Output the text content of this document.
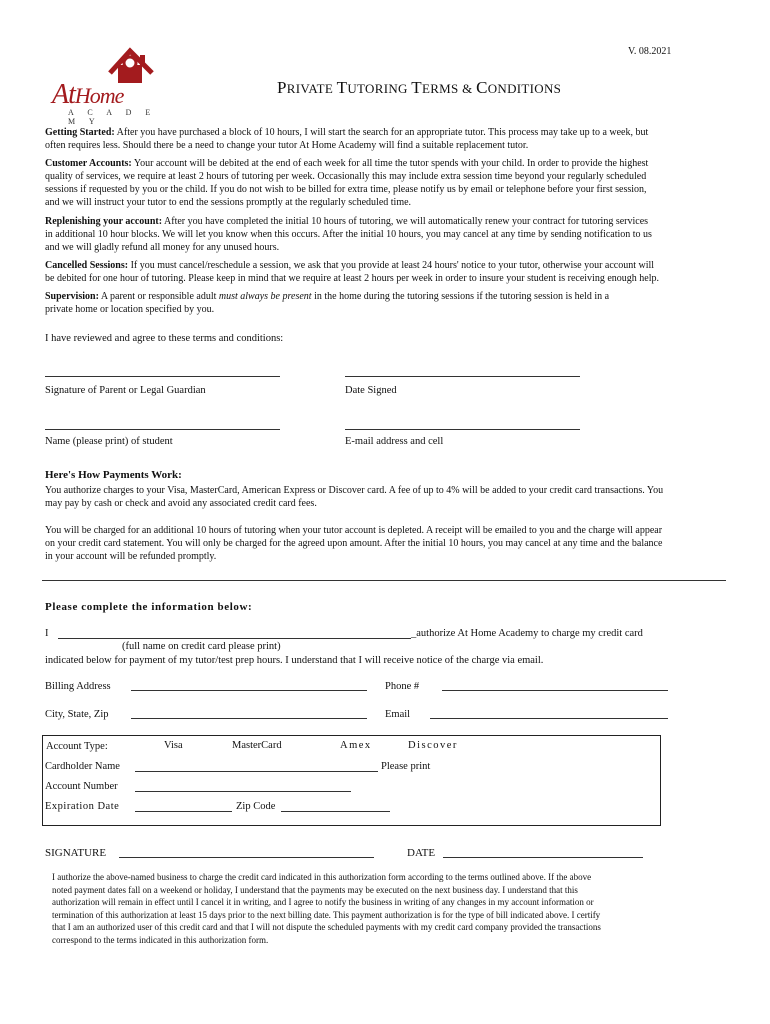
V. 08.2021
AtHome
A C A D E M Y
PRIVATE TUTORING TERMS & CONDITIONS
Getting Started: After you have purchased a block of 10 hours, I will start the search for an appropriate tutor. This process may take up to a week, but
often requires less. Should there be a need to change your tutor At Home Academy will find a suitable replacement tutor.
Customer Accounts: Your account will be debited at the end of each week for all time the tutor spends with your child. In order to provide the highest
quality of services, we require at least 2 hours of tutoring per week. Occasionally this may include extra session time beyond your regularly scheduled
sessions if requested by you or the child. If you do not wish to be billed for extra time, please notify us by email or telephone before your first session,
and we will instruct your tutor to end the sessions promptly at the regularly scheduled time.
Replenishing your account: After you have completed the initial 10 hours of tutoring, we will automatically renew your contract for tutoring services
in additional 10 hour blocks. We will let you know when this occurs. After the initial 10 hours, you may cancel at any time by sending notification to us
and we will gladly refund all money for any unused hours.
Cancelled Sessions: If you must cancel/reschedule a session, we ask that you provide at least 24 hours' notice to your tutor, otherwise your account will
be debited for one hour of tutoring. Please keep in mind that we require at least 2 hours per week in order to insure your student is receiving enough help.
Supervision: A parent or responsible adult must always be present in the home during the tutoring sessions if the tutoring session is held in a
private home or location specified by you.
I have reviewed and agree to these terms and conditions:
Signature of Parent or Legal Guardian	Date Signed
Name (please print) of student	E-mail address and cell
Here's How Payments Work:
You authorize charges to your Visa, MasterCard, American Express or Discover card. A fee of up to 4% will be added to your credit card transactions. You
may pay by cash or check and avoid any associated credit card fees.
You will be charged for an additional 10 hours of tutoring when your tutor account is depleted. A receipt will be emailed to you and the charge will appear
on your credit card statement. You will only be charged for the agreed upon amount. After the initial 10 hours, you may cancel at any time and the balance
in your account will be refunded promptly.
Please complete the information below:
I	_authorize At Home Academy to charge my credit card
(full name on credit card please print)
indicated below for payment of my tutor/test prep hours. I understand that I will receive notice of the charge via email.
Billing Address	Phone #
City, State, Zip	Email
Account Type:	Visa	MasterCard	Amex	Discover
Cardholder Name	Please print
Account Number
Expiration Date	Zip Code
SIGNATURE	DATE
I authorize the above-named business to charge the credit card indicated in this authorization form according to the terms outlined above. If the above
noted payment dates fall on a weekend or holiday, I understand that the payments may be executed on the next business day. I understand that this
authorization will remain in effect until I cancel it in writing, and I agree to notify the business in writing of any changes in my account information or
termination of this authorization at least 15 days prior to the next billing date. This payment authorization is for the type of bill indicated above. I certify
that I am an authorized user of this credit card and that I will not dispute the scheduled payments with my credit card company provided the transactions
correspond to the terms indicated in this authorization form.
